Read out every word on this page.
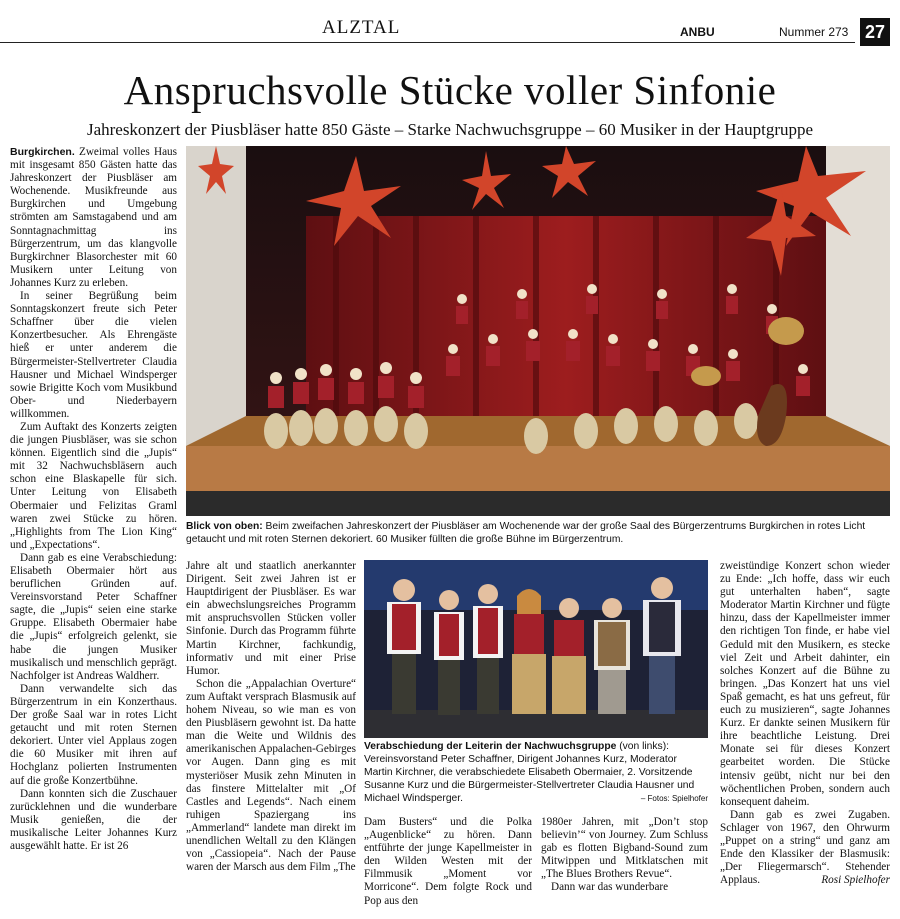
ALZTAL	ANBU	Nummer 273 27
Anspruchsvolle Stücke voller Sinfonie
Jahreskonzert der Piusbläser hatte 850 Gäste – Starke Nachwuchsgruppe – 60 Musiker in der Hauptgruppe

Burgkirchen. Zweimal volles Haus mit insgesamt 850 Gästen hatte das Jahreskonzert der Piusbläser am Wochenende. Musikfreunde aus Burgkirchen und Umgebung strömten am Samstagabend und am Sonntagnachmittag ins Bürgerzentrum, um das klangvolle Burgkirchner Blasorchester mit 60 Musikern unter Leitung von Johannes Kurz zu erleben.

In seiner Begrüßung beim Sonntagskonzert freute sich Peter Schaffner über die vielen Konzertbesucher. Als Ehrengäste hieß er unter anderem die Bürgermeister-Stellvertreter Claudia Hausner und Michael Windsperger sowie Brigitte Koch vom Musikbund Ober- und Niederbayern willkommen.

Zum Auftakt des Konzerts zeigten die jungen Piusbläser, was sie schon können. Eigentlich sind die „Jupis“ mit 32 Nachwuchsbläsern auch schon eine Blaskapelle für sich. Unter Leitung von Elisabeth Obermaier und Felizitas Graml waren zwei Stücke zu hören. „Highlights from The Lion King“ und „Expectations“.

Dann gab es eine Verabschiedung: Elisabeth Obermaier hört aus beruflichen Gründen auf. Vereinsvorstand Peter Schaffner sagte, die „Jupis“ seien eine starke Gruppe. Elisabeth Obermaier habe die „Jupis“ erfolgreich gelenkt, sie habe die jungen Musiker musikalisch und menschlich geprägt. Nachfolger ist Andreas Waldherr.

Dann verwandelte sich das Bürgerzentrum in ein Konzerthaus. Der große Saal war in rotes Licht getaucht und mit roten Sternen dekoriert. Unter viel Applaus zogen die 60 Musiker mit ihren auf Hochglanz polierten Instrumenten auf die große Konzertbühne.

Dann konnten sich die Zuschauer zurücklehnen und die wunderbare Musik genießen, die der musikalische Leiter Johannes Kurz ausgewählt hatte. Er ist 26

Blick von oben: Beim zweifachen Jahreskonzert der Piusbläser am Wochenende war der große Saal des Bürgerzentrums Burgkirchen in rotes Licht getaucht und mit roten Sternen dekoriert. 60 Musiker füllten die große Bühne im Bürgerzentrum.

Jahre alt und staatlich anerkannter Dirigent. Seit zwei Jahren ist er Hauptdirigent der Piusbläser. Es war ein abwechslungsreiches Programm mit anspruchsvollen Stücken voller Sinfonie. Durch das Programm führte Martin Kirchner, fachkundig, informativ und mit einer Prise Humor.

Schon die „Appalachian Overture“ zum Auftakt versprach Blasmusik auf hohem Niveau, so wie man es von den Piusbläsern gewohnt ist. Da hatte man die Weite und Wildnis des amerikanischen Appalachen-Gebirges vor Augen. Dann ging es mit mysteriöser Musik zehn Minuten in das finstere Mittelalter mit „Of Castles and Legends“. Nach einem ruhigen Spaziergang ins „Ammerland“ landete man direkt im unendlichen Weltall zu den Klängen von „Cassiopeia“. Nach der Pause waren der Marsch aus dem Film „The

Verabschiedung der Leiterin der Nachwuchsgruppe (von links): Vereinsvorstand Peter Schaffner, Dirigent Johannes Kurz, Moderator Martin Kirchner, die verabschiedete Elisabeth Obermaier, 2. Vorsitzende Susanne Kurz und die Bürgermeister-Stellvertreter Claudia Hausner und Michael Windsperger.	– Fotos: Spielhofer

Dam Busters“ und die Polka „Augenblicke“ zu hören. Dann entführte der junge Kapellmeister in den Wilden Westen mit der Filmmusik „Moment vor Morricone“. Dem folgte Rock und Pop aus den

1980er Jahren, mit „Don’t stop believin’“ von Journey. Zum Schluss gab es flotten Bigband-Sound zum Mitwippen und Mitklatschen mit „The Blues Brothers Revue“.

Dann war das wunderbare

zweistündige Konzert schon wieder zu Ende: „Ich hoffe, dass wir euch gut unterhalten haben“, sagte Moderator Martin Kirchner und fügte hinzu, dass der Kapellmeister immer den richtigen Ton finde, er habe viel Geduld mit den Musikern, es stecke viel Zeit und Arbeit dahinter, ein solches Konzert auf die Bühne zu bringen. „Das Konzert hat uns viel Spaß gemacht, es hat uns gefreut, für euch zu musizieren“, sagte Johannes Kurz. Er dankte seinen Musikern für ihre beachtliche Leistung. Drei Monate sei für dieses Konzert gearbeitet worden. Die Stücke intensiv geübt, nicht nur bei den wöchentlichen Proben, sondern auch konsequent daheim.

Dann gab es zwei Zugaben. Schlager von 1967, den Ohrwurm „Puppet on a string“ und ganz am Ende den Klassiker der Blasmusik: „Der Fliegermarsch“. Stehender Applaus.	Rosi Spielhofer
